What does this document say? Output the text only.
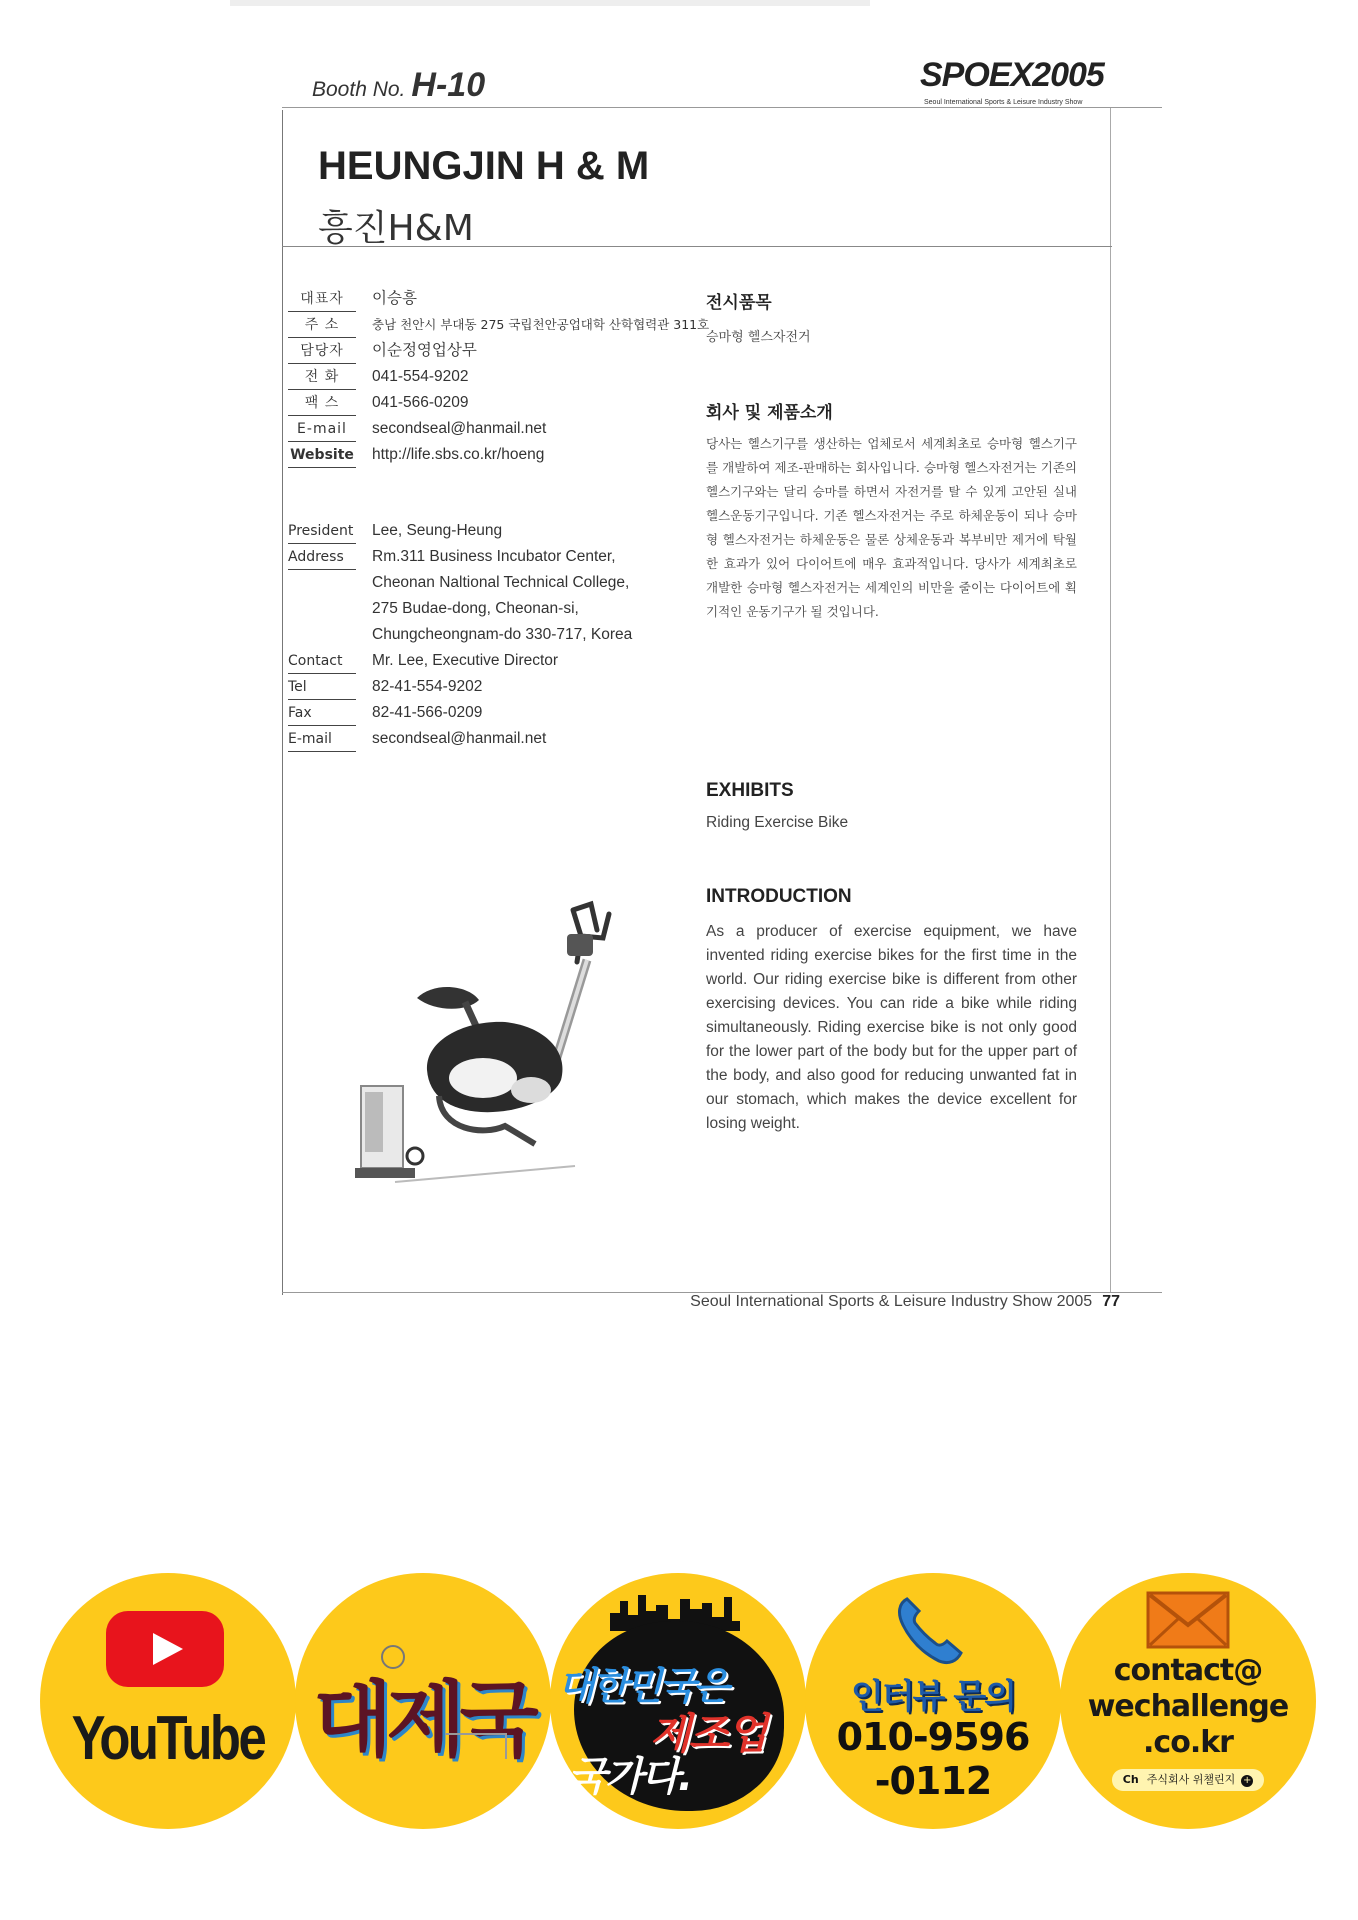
Booth No. H-10	SPOEX2005
Seoul International Sports & Leisure Industry Show
HEUNGJIN H & M
흥진H&M
대표자	이승흥
주 소	충남 천안시 부대동 275 국립천안공업대학 산학협력관 311호
담당자	이순정영업상무
전 화	041-554-9202
팩 스	041-566-0209
E-mail	secondseal@hanmail.net
Website http://life.sbs.co.kr/hoeng
President Lee, Seung-Heung
Address	Rm.311 Business Incubator Center,
Cheonan Naltional Technical College,
275 Budae-dong, Cheonan-si,
Chungcheongnam-do 330-717, Korea
Contact	Mr. Lee, Executive Director
Tel	82-41-554-9202
Fax	82-41-566-0209
E-mail	secondseal@hanmail.net
전시품목
승마형 헬스자전거
회사 및 제품소개
당사는 헬스기구를 생산하는 업체로서 세계최초로 승마형 헬스기구를 개발하여 제조-판매하는 회사입니다. 승마형 헬스자전거는 기존의 헬스기구와는 달리 승마를 하면서 자전거를 탈 수 있게 고안된 실내헬스운동기구입니다. 기존 헬스자전거는 주로 하체운동이 되나 승마형 헬스자전거는 하체운동은 물론 상체운동과 복부비만 제거에 탁월한 효과가 있어 다이어트에 매우 효과적입니다. 당사가 세계최초로 개발한 승마형 헬스자전거는 세계인의 비만을 줄이는 다이어트에 획기적인 운동기구가 될 것입니다.
EXHIBITS
Riding Exercise Bike
INTRODUCTION
As a producer of exercise equipment, we have invented riding exercise bikes for the first time in the world. Our riding exercise bike is different from other exercising devices. You can ride a bike while riding simultaneously. Riding exercise bike is not only good for the lower part of the body but for the upper part of the body, and also good for reducing unwanted fat in our stomach, which makes the device excellent for losing weight.
Seoul International Sports & Leisure Industry Show 2005 77
YouTube 대제국 대한민국은
제조업
국가다.
인터뷰 문의
010-9596
-0112
contact@
wechallenge
.co.kr
Ch 주식회사 위챌린지 +
